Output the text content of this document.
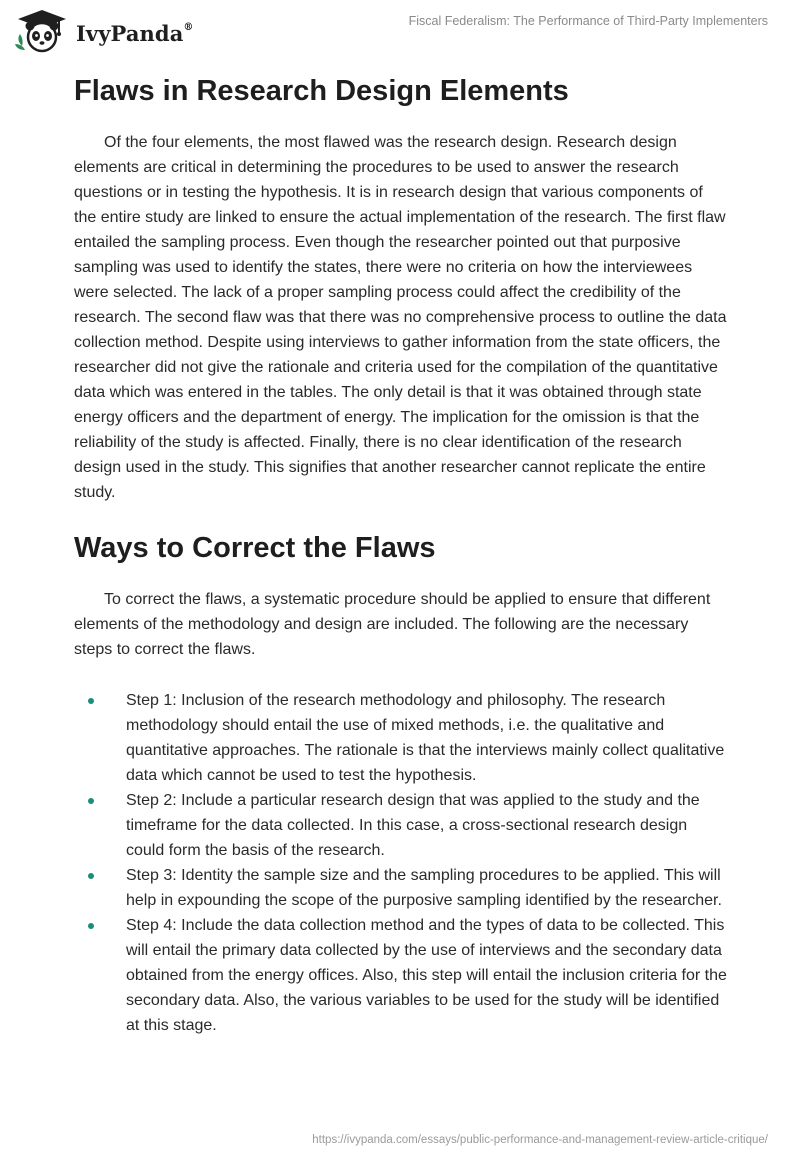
IvyPanda®	Fiscal Federalism: The Performance of Third-Party Implementers
Flaws in Research Design Elements

Of the four elements, the most flawed was the research design. Research design elements are critical in determining the procedures to be used to answer the research questions or in testing the hypothesis. It is in research design that various components of the entire study are linked to ensure the actual implementation of the research. The first flaw entailed the sampling process. Even though the researcher pointed out that purposive sampling was used to identify the states, there were no criteria on how the interviewees were selected. The lack of a proper sampling process could affect the credibility of the research. The second flaw was that there was no comprehensive process to outline the data collection method. Despite using interviews to gather information from the state officers, the researcher did not give the rationale and criteria used for the compilation of the quantitative data which was entered in the tables. The only detail is that it was obtained through state energy officers and the department of energy. The implication for the omission is that the reliability of the study is affected. Finally, there is no clear identification of the research design used in the study. This signifies that another researcher cannot replicate the entire study.

Ways to Correct the Flaws

To correct the flaws, a systematic procedure should be applied to ensure that different elements of the methodology and design are included. The following are the necessary steps to correct the flaws.

Step 1: Inclusion of the research methodology and philosophy. The research methodology should entail the use of mixed methods, i.e. the qualitative and quantitative approaches. The rationale is that the interviews mainly collect qualitative data which cannot be used to test the hypothesis.
Step 2: Include a particular research design that was applied to the study and the timeframe for the data collected. In this case, a cross-sectional research design could form the basis of the research.
Step 3: Identity the sample size and the sampling procedures to be applied. This will help in expounding the scope of the purposive sampling identified by the researcher.
Step 4: Include the data collection method and the types of data to be collected. This will entail the primary data collected by the use of interviews and the secondary data obtained from the energy offices. Also, this step will entail the inclusion criteria for the secondary data. Also, the various variables to be used for the study will be identified at this stage.
https://ivypanda.com/essays/public-performance-and-management-review-article-critique/
